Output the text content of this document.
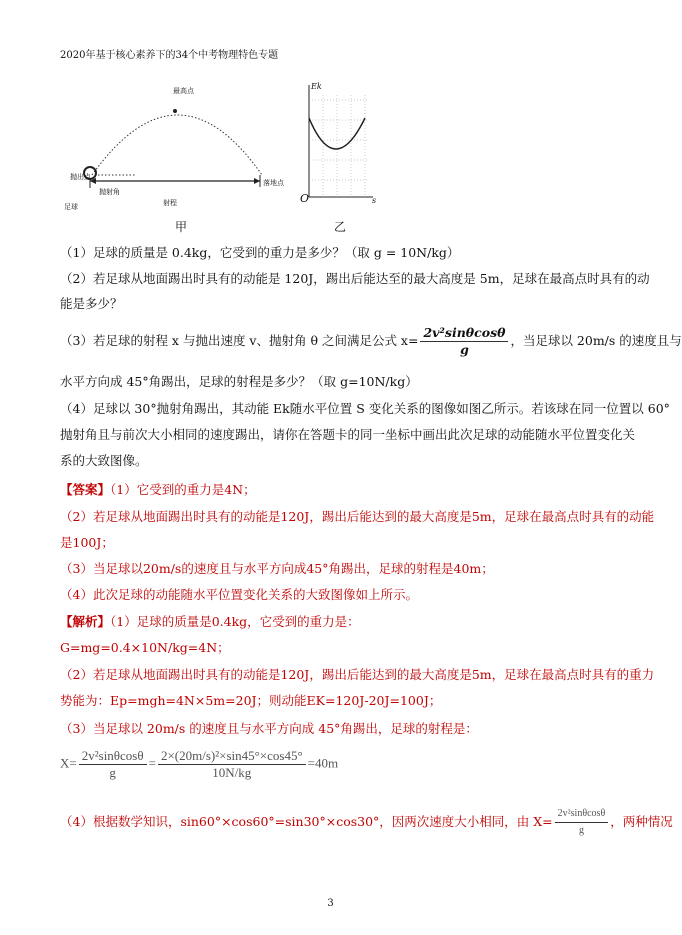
2020年基于核心素养下的34个中考物理特色专题
最高点
抛出点
抛射角
足球	射程
落地点
甲
Ek
O	s
乙
（1）足球的质量是 0.4kg，它受到的重力是多少？（取 g = 10N/kg）
（2）若足球从地面踢出时具有的动能是 120J，踢出后能达至的最大高度是 5m，足球在最高点时具有的动
能是多少？
（3）若足球的射程 x 与抛出速度 v、抛射角 θ 之间满足公式 $x= \frac{\text{2v²sinθcosθ}}{g}$ ，当足球以 20m/s 的速度且与
水平方向成 45°角踢出，足球的射程是多少？（取 g=10N/kg）
（4）足球以 30°抛射角踢出，其动能 Ek随水平位置 S 变化关系的图像如图乙所示。若该球在同一位置以 60°
抛射角且与前次大小相同的速度踢出，请你在答题卡的同一坐标中画出此次足球的动能随水平位置变化关
系的大致图像。
【答案】（1）它受到的重力是4N；
（2）若足球从地面踢出时具有的动能是120J，踢出后能达到的最大高度是5m，足球在最高点时具有的动能
是100J；
（3）当足球以20m/s的速度且与水平方向成45°角踢出，足球的射程是40m；
（4）此次足球的动能随水平位置变化关系的大致图像如上所示。
【解析】（1）足球的质量是0.4kg，它受到的重力是：
G=mg=0.4×10N/kg=4N；
（2）若足球从地面踢出时具有的动能是120J，踢出后能达到的最大高度是5m，足球在最高点时具有的重力
势能为：Ep=mgh=4N×5m=20J；则动能EK=120J-20J=100J；
（3）当足球以 20m/s 的速度且与水平方向成 45°角踢出，足球的射程是：
$X= \frac{\text{2v²sinθcosθ}}{g} = \frac{\text{2×(20m/s)²×sin45°×cos45°}}{10N/kg} =40m$
（4）根据数学知识，sin60°×cos60°=sin30°×cos30°，因两次速度大小相同，由 $X= \frac{\text{2v²sinθcosθ}}{g}$ ，两种情况
3
